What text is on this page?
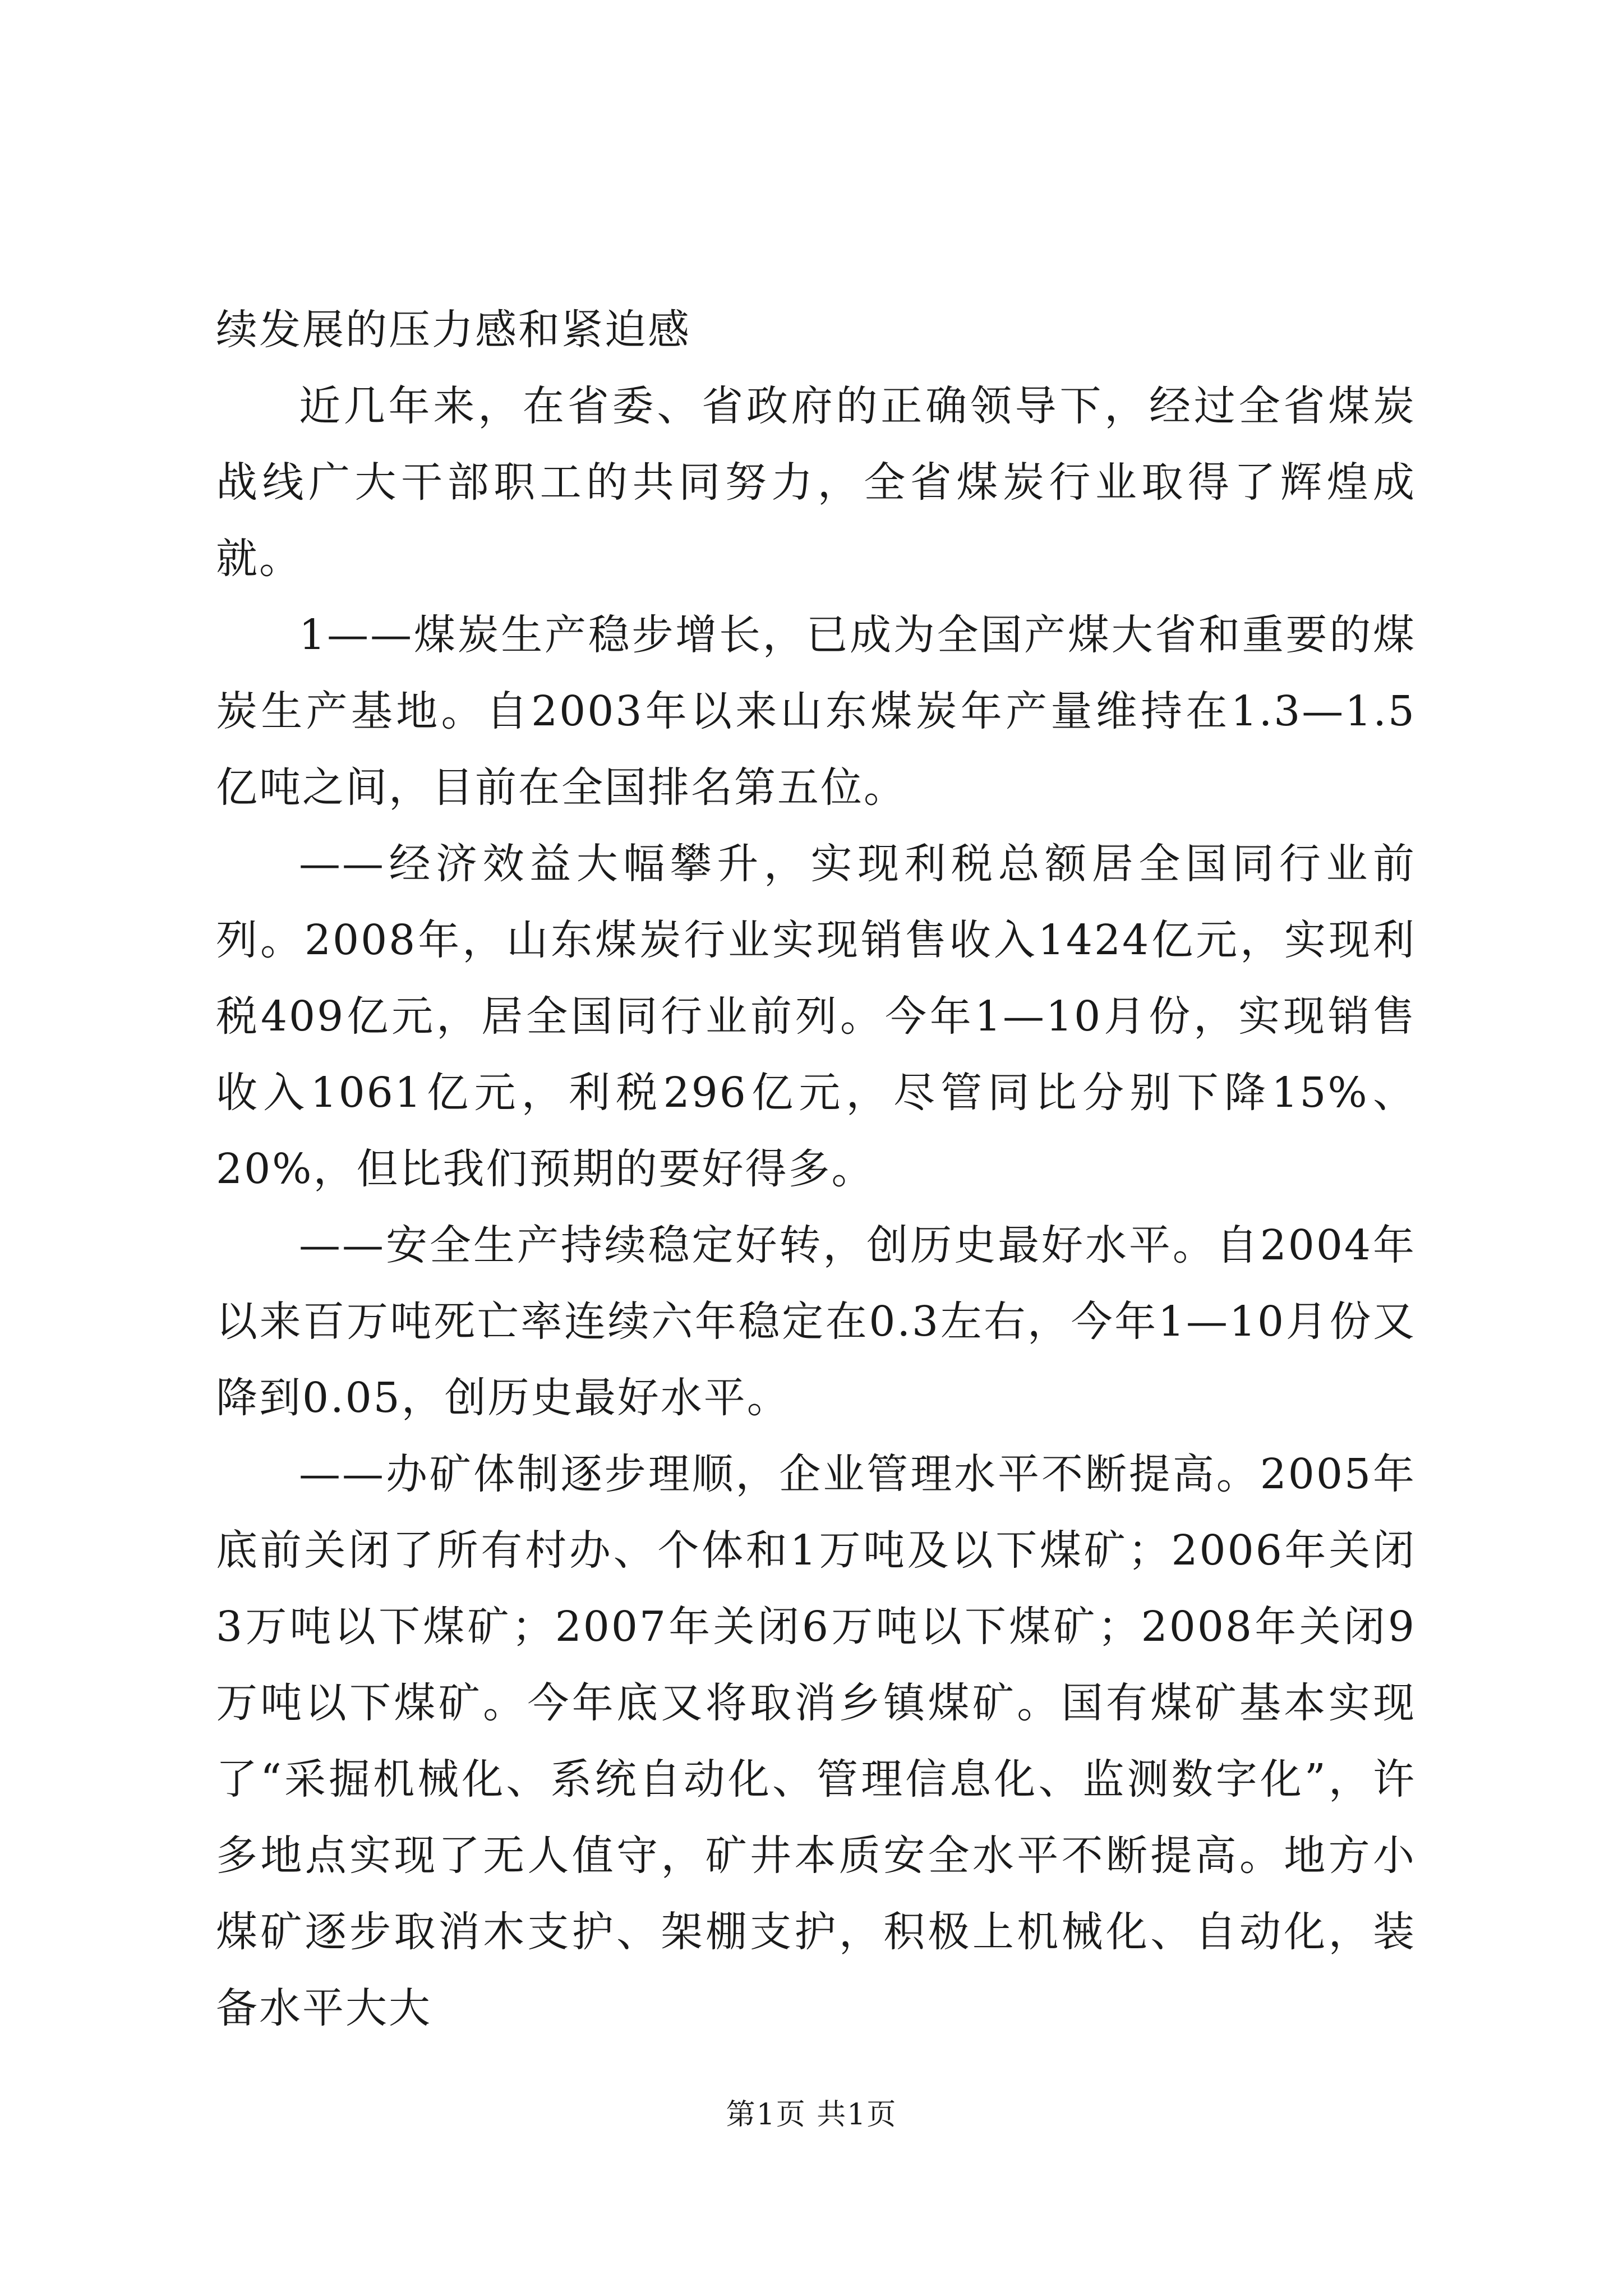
续发展的压力感和紧迫感

近几年来，在省委、省政府的正确领导下，经过全省煤炭战线广大干部职工的共同努力，全省煤炭行业取得了辉煌成就。

1——煤炭生产稳步增长，已成为全国产煤大省和重要的煤炭生产基地。自2003年以来山东煤炭年产量维持在1.3—1.5亿吨之间，目前在全国排名第五位。

——经济效益大幅攀升，实现利税总额居全国同行业前列。2008年，山东煤炭行业实现销售收入1424亿元，实现利税409亿元，居全国同行业前列。今年1—10月份，实现销售收入1061亿元，利税296亿元，尽管同比分别下降15%、20%，但比我们预期的要好得多。

——安全生产持续稳定好转，创历史最好水平。自2004年以来百万吨死亡率连续六年稳定在0.3左右，今年1—10月份又降到0.05，创历史最好水平。

——办矿体制逐步理顺，企业管理水平不断提高。2005年底前关闭了所有村办、个体和1万吨及以下煤矿；2006年关闭3万吨以下煤矿；2007年关闭6万吨以下煤矿；2008年关闭9万吨以下煤矿。今年底又将取消乡镇煤矿。国有煤矿基本实现了“采掘机械化、系统自动化、管理信息化、监测数字化”，许多地点实现了无人值守，矿井本质安全水平不断提高。地方小煤矿逐步取消木支护、架棚支护，积极上机械化、自动化，装备水平大大

第1页 共1页
